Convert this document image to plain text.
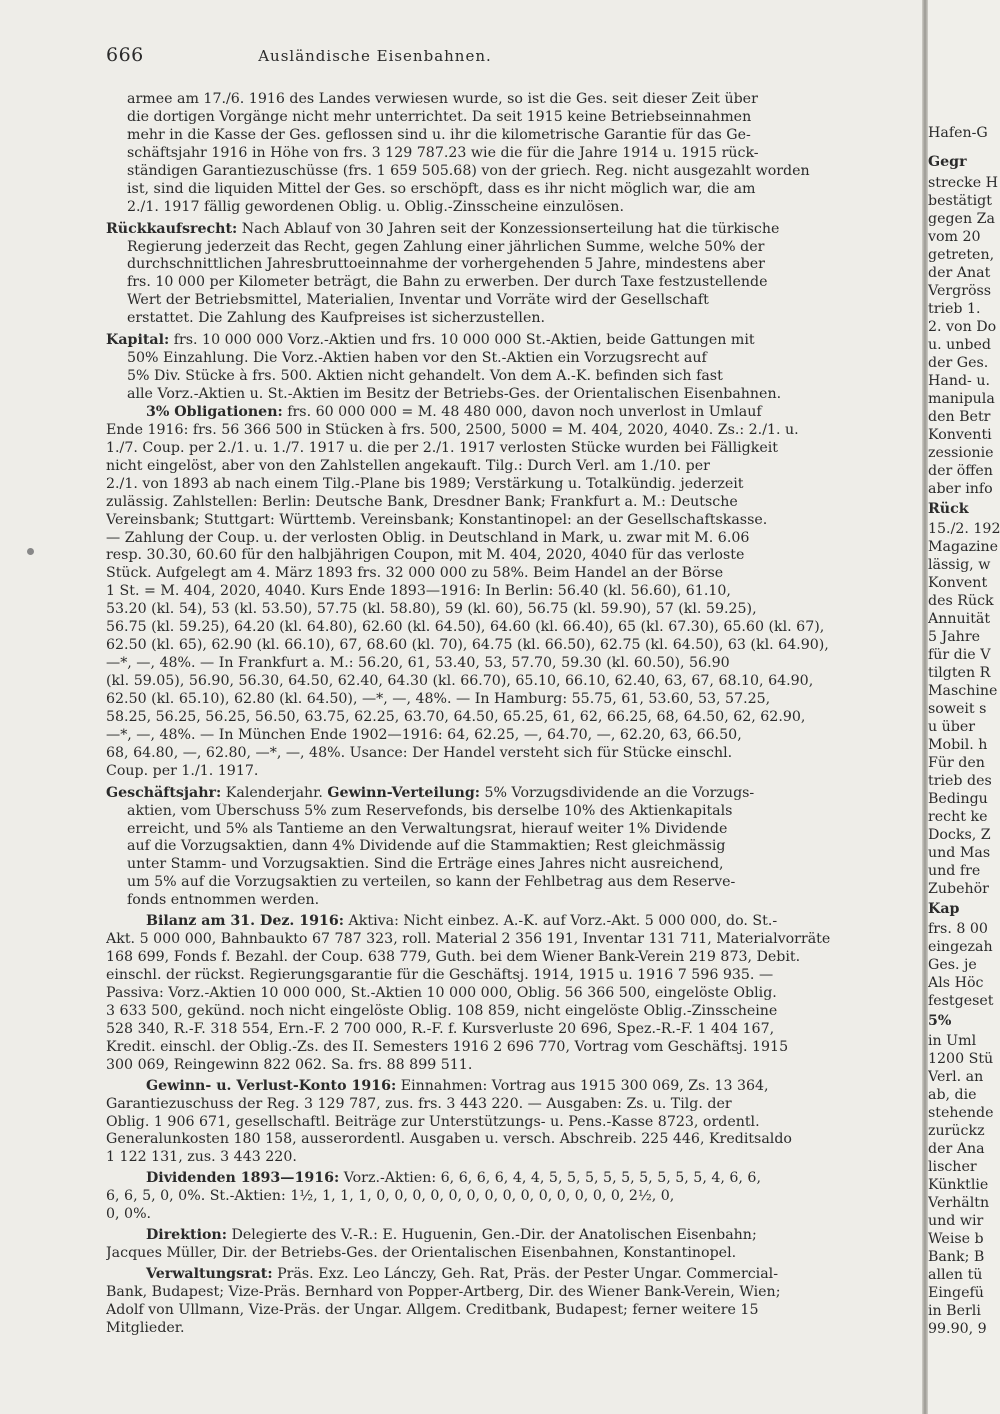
666	Ausländische Eisenbahnen.
armee am 17./6. 1916 des Landes verwiesen wurde, so ist die Ges. seit dieser Zeit über
die dortigen Vorgänge nicht mehr unterrichtet. Da seit 1915 keine Betriebseinnahmen
mehr in die Kasse der Ges. geflossen sind u. ihr die kilometrische Garantie für das Ge-
schäftsjahr 1916 in Höhe von frs. 3 129 787.23 wie die für die Jahre 1914 u. 1915 rück-
ständigen Garantiezuschüsse (frs. 1 659 505.68) von der griech. Reg. nicht ausgezahlt worden
ist, sind die liquiden Mittel der Ges. so erschöpft, dass es ihr nicht möglich war, die am
2./1. 1917 fällig gewordenen Oblig. u. Oblig.-Zinsscheine einzulösen.
Rückkaufsrecht: Nach Ablauf von 30 Jahren seit der Konzessionserteilung hat die türkische
Regierung jederzeit das Recht, gegen Zahlung einer jährlichen Summe, welche 50% der
durchschnittlichen Jahresbruttoeinnahme der vorhergehenden 5 Jahre, mindestens aber
frs. 10 000 per Kilometer beträgt, die Bahn zu erwerben. Der durch Taxe festzustellende
Wert der Betriebsmittel, Materialien, Inventar und Vorräte wird der Gesellschaft
erstattet. Die Zahlung des Kaufpreises ist sicherzustellen.
Kapital: frs. 10 000 000 Vorz.-Aktien und frs. 10 000 000 St.-Aktien, beide Gattungen mit
50% Einzahlung. Die Vorz.-Aktien haben vor den St.-Aktien ein Vorzugsrecht auf
5% Div. Stücke à frs. 500. Aktien nicht gehandelt. Von dem A.-K. befinden sich fast
alle Vorz.-Aktien u. St.-Aktien im Besitz der Betriebs-Ges. der Orientalischen Eisenbahnen.
3% Obligationen: frs. 60 000 000 = M. 48 480 000, davon noch unverlost in Umlauf
Ende 1916: frs. 56 366 500 in Stücken à frs. 500, 2500, 5000 = M. 404, 2020, 4040. Zs.: 2./1. u.
1./7. Coup. per 2./1. u. 1./7. 1917 u. die per 2./1. 1917 verlosten Stücke wurden bei Fälligkeit
nicht eingelöst, aber von den Zahlstellen angekauft. Tilg.: Durch Verl. am 1./10. per
2./1. von 1893 ab nach einem Tilg.-Plane bis 1989; Verstärkung u. Totalkündig. jederzeit
zulässig. Zahlstellen: Berlin: Deutsche Bank, Dresdner Bank; Frankfurt a. M.: Deutsche
Vereinsbank; Stuttgart: Württemb. Vereinsbank; Konstantinopel: an der Gesellschaftskasse.
— Zahlung der Coup. u. der verlosten Oblig. in Deutschland in Mark, u. zwar mit M. 6.06
resp. 30.30, 60.60 für den halbjährigen Coupon, mit M. 404, 2020, 4040 für das verloste
Stück. Aufgelegt am 4. März 1893 frs. 32 000 000 zu 58%. Beim Handel an der Börse
1 St. = M. 404, 2020, 4040. Kurs Ende 1893—1916: In Berlin: 56.40 (kl. 56.60), 61.10,
53.20 (kl. 54), 53 (kl. 53.50), 57.75 (kl. 58.80), 59 (kl. 60), 56.75 (kl. 59.90), 57 (kl. 59.25),
56.75 (kl. 59.25), 64.20 (kl. 64.80), 62.60 (kl. 64.50), 64.60 (kl. 66.40), 65 (kl. 67.30), 65.60 (kl. 67),
62.50 (kl. 65), 62.90 (kl. 66.10), 67, 68.60 (kl. 70), 64.75 (kl. 66.50), 62.75 (kl. 64.50), 63 (kl. 64.90),
—*, —, 48%. — In Frankfurt a. M.: 56.20, 61, 53.40, 53, 57.70, 59.30 (kl. 60.50), 56.90
(kl. 59.05), 56.90, 56.30, 64.50, 62.40, 64.30 (kl. 66.70), 65.10, 66.10, 62.40, 63, 67, 68.10, 64.90,
62.50 (kl. 65.10), 62.80 (kl. 64.50), —*, —, 48%. — In Hamburg: 55.75, 61, 53.60, 53, 57.25,
58.25, 56.25, 56.25, 56.50, 63.75, 62.25, 63.70, 64.50, 65.25, 61, 62, 66.25, 68, 64.50, 62, 62.90,
—*, —, 48%. — In München Ende 1902—1916: 64, 62.25, —, 64.70, —, 62.20, 63, 66.50,
68, 64.80, —, 62.80, —*, —, 48%. Usance: Der Handel versteht sich für Stücke einschl.
Coup. per 1./1. 1917.
Geschäftsjahr: Kalenderjahr. Gewinn-Verteilung: 5% Vorzugsdividende an die Vorzugs-
aktien, vom Überschuss 5% zum Reservefonds, bis derselbe 10% des Aktienkapitals
erreicht, und 5% als Tantieme an den Verwaltungsrat, hierauf weiter 1% Dividende
auf die Vorzugsaktien, dann 4% Dividende auf die Stammaktien; Rest gleichmässig
unter Stamm- und Vorzugsaktien. Sind die Erträge eines Jahres nicht ausreichend,
um 5% auf die Vorzugsaktien zu verteilen, so kann der Fehlbetrag aus dem Reserve-
fonds entnommen werden.
Bilanz am 31. Dez. 1916: Aktiva: Nicht einbez. A.-K. auf Vorz.-Akt. 5 000 000, do. St.-
Akt. 5 000 000, Bahnbaukto 67 787 323, roll. Material 2 356 191, Inventar 131 711, Materialvorräte
168 699, Fonds f. Bezahl. der Coup. 638 779, Guth. bei dem Wiener Bank-Verein 219 873, Debit.
einschl. der rückst. Regierungsgarantie für die Geschäftsj. 1914, 1915 u. 1916 7 596 935. —
Passiva: Vorz.-Aktien 10 000 000, St.-Aktien 10 000 000, Oblig. 56 366 500, eingelöste Oblig.
3 633 500, gekünd. noch nicht eingelöste Oblig. 108 859, nicht eingelöste Oblig.-Zinsscheine
528 340, R.-F. 318 554, Ern.-F. 2 700 000, R.-F. f. Kursverluste 20 696, Spez.-R.-F. 1 404 167,
Kredit. einschl. der Oblig.-Zs. des II. Semesters 1916 2 696 770, Vortrag vom Geschäftsj. 1915
300 069, Reingewinn 822 062. Sa. frs. 88 899 511.
Gewinn- u. Verlust-Konto 1916: Einnahmen: Vortrag aus 1915 300 069, Zs. 13 364,
Garantiezuschuss der Reg. 3 129 787, zus. frs. 3 443 220. — Ausgaben: Zs. u. Tilg. der
Oblig. 1 906 671, gesellschaftl. Beiträge zur Unterstützungs- u. Pens.-Kasse 8723, ordentl.
Generalunkosten 180 158, ausserordentl. Ausgaben u. versch. Abschreib. 225 446, Kreditsaldo
1 122 131, zus. 3 443 220.
Dividenden 1893—1916: Vorz.-Aktien: 6, 6, 6, 6, 4, 4, 5, 5, 5, 5, 5, 5, 5, 5, 5, 4, 6, 6,
6, 6, 5, 0, 0%. St.-Aktien: 1½, 1, 1, 1, 0, 0, 0, 0, 0, 0, 0, 0, 0, 0, 0, 0, 0, 0, 2½, 0,
0, 0%.
Direktion: Delegierte des V.-R.: E. Huguenin, Gen.-Dir. der Anatolischen Eisenbahn;
Jacques Müller, Dir. der Betriebs-Ges. der Orientalischen Eisenbahnen, Konstantinopel.
Verwaltungsrat: Präs. Exz. Leo Lánczy, Geh. Rat, Präs. der Pester Ungar. Commercial-
Bank, Budapest; Vize-Präs. Bernhard von Popper-Artberg, Dir. des Wiener Bank-Verein, Wien;
Adolf von Ullmann, Vize-Präs. der Ungar. Allgem. Creditbank, Budapest; ferner weitere 15
Mitglieder.
Hafen-G
Gegr
strecke H
bestätigt
gegen Za
vom 20
getreten,
der Anat
Vergröss
trieb 1.
2. von Do
u. unbed
der Ges.
Hand- u.
manipula
den Betr
Konventi
zessionie
der öffen
aber info
Rück
15./2. 192
Magazine
lässig, w
Konvent
des Rück
Annuität
5 Jahre
für die V
tilgten R
Maschine
soweit s
u über
Mobil. h
Für den
trieb des
Bedingu
recht ke
Docks, Z
und Mas
und fre
Zubehör
Kap
frs. 8 00
eingezah
Ges. je
Als Höc
festgeset
5%
in Uml
1200 Stü
Verl. an
ab, die
stehende
zurückz
der Ana
lischer
Künktlie
Verhältn
und wir
Weise b
Bank; B
allen tü
Eingefü
in Berli
99.90, 9
